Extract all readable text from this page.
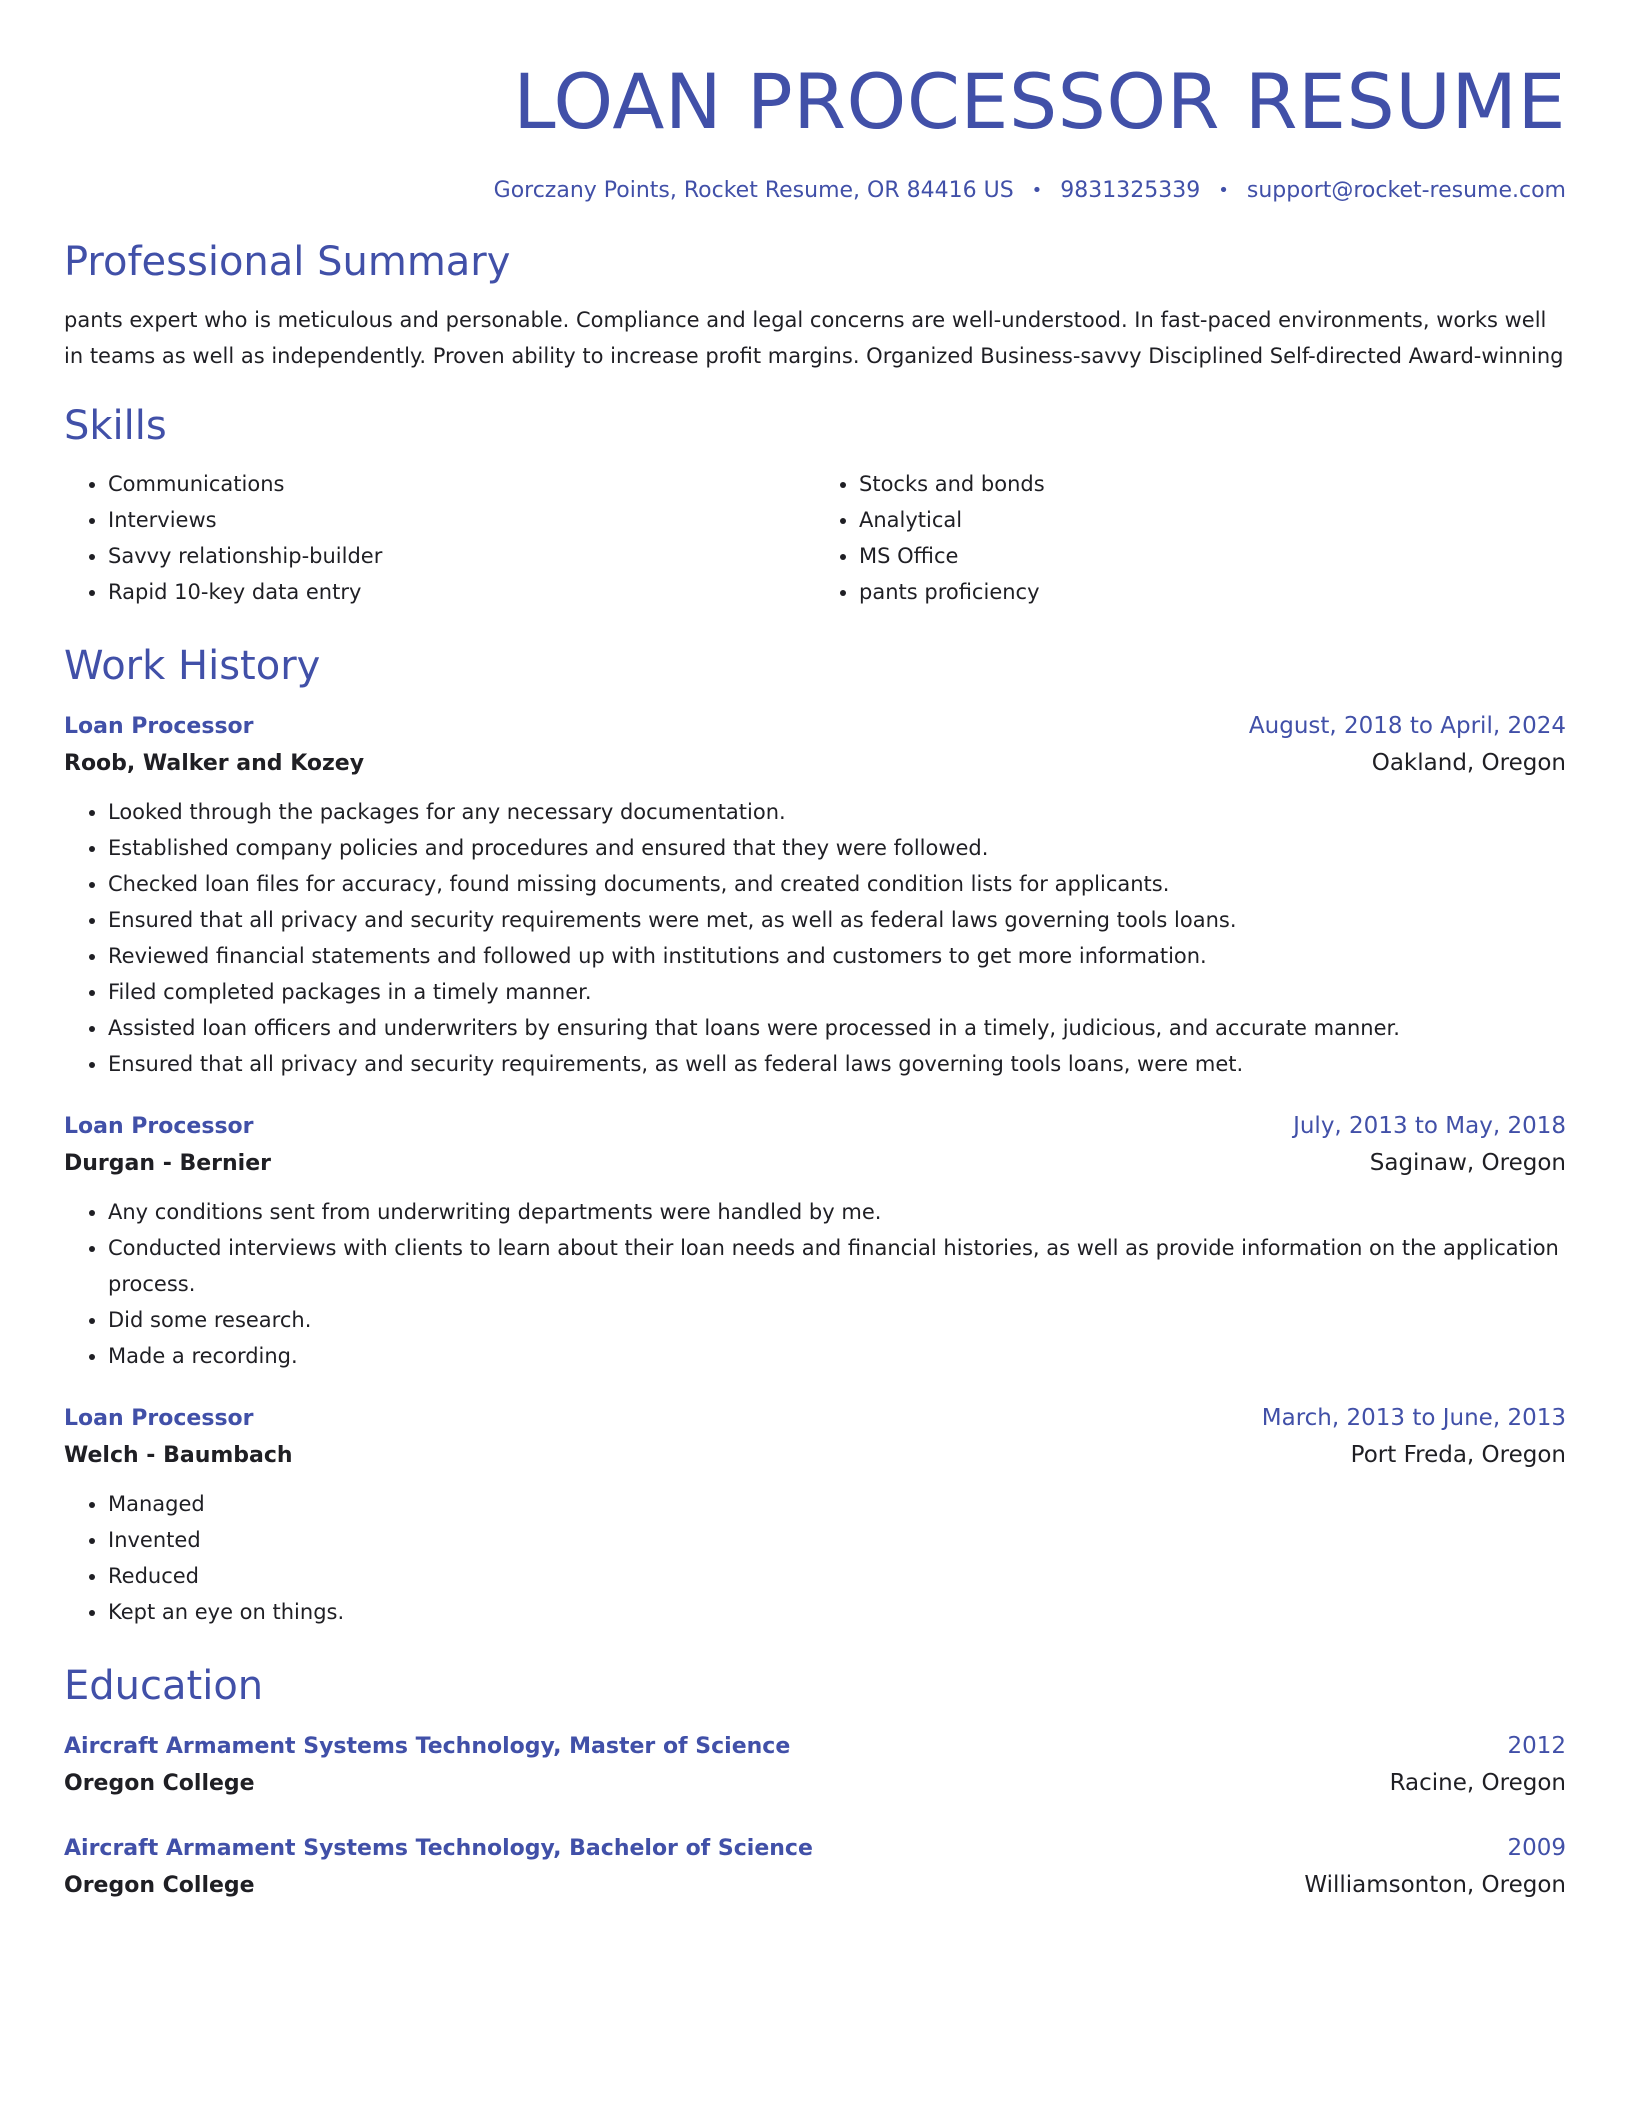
LOAN PROCESSOR RESUME
Gorczany Points, Rocket Resume, OR 84416 US • 9831325339 • support@rocket-resume.com
Professional Summary

pants expert who is meticulous and personable. Compliance and legal concerns are well-understood. In fast-paced environments, works well in teams as well as independently. Proven ability to increase profit margins. Organized Business-savvy Disciplined Self-directed Award-winning

Skills
• Communications
• Interviews
• Savvy relationship-builder
• Rapid 10-key data entry
• Stocks and bonds
• Analytical
• MS Office
• pants proficiency
Work History
Loan Processor	August, 2018 to April, 2024
Roob, Walker and Kozey	Oakland, Oregon
• Looked through the packages for any necessary documentation.
• Established company policies and procedures and ensured that they were followed.
• Checked loan files for accuracy, found missing documents, and created condition lists for applicants.
• Ensured that all privacy and security requirements were met, as well as federal laws governing tools loans.
• Reviewed financial statements and followed up with institutions and customers to get more information.
• Filed completed packages in a timely manner.
• Assisted loan officers and underwriters by ensuring that loans were processed in a timely, judicious, and accurate manner.
• Ensured that all privacy and security requirements, as well as federal laws governing tools loans, were met.
Loan Processor	July, 2013 to May, 2018
Durgan - Bernier	Saginaw, Oregon
• Any conditions sent from underwriting departments were handled by me.
• Conducted interviews with clients to learn about their loan needs and financial histories, as well as provide information on the application process.
• Did some research.
• Made a recording.
Loan Processor	March, 2013 to June, 2013
Welch - Baumbach	Port Freda, Oregon
• Managed
• Invented
• Reduced
• Kept an eye on things.
Education
Aircraft Armament Systems Technology, Master of Science	2012
Oregon College	Racine, Oregon
Aircraft Armament Systems Technology, Bachelor of Science	2009
Oregon College	Williamsonton, Oregon
